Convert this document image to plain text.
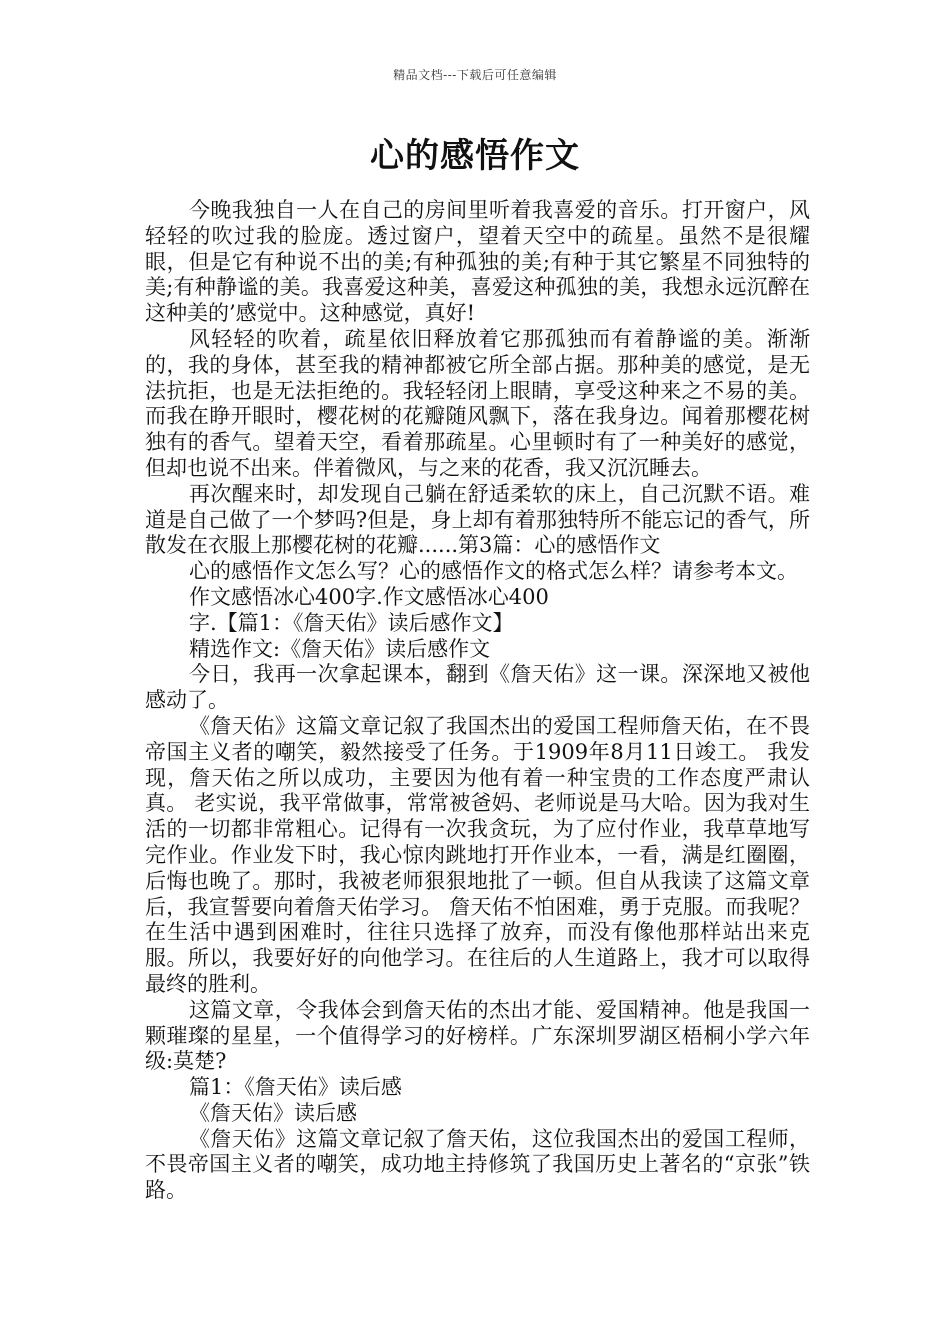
精品文档---下载后可任意编辑
心的感悟作文

今晚我独自一人在自己的房间里听着我喜爱的音乐。打开窗户，风轻轻的吹过我的脸庞。透过窗户，望着天空中的疏星。虽然不是很耀眼，但是它有种说不出的美;有种孤独的美;有种于其它繁星不同独特的美;有种静谧的美。我喜爱这种美，喜爱这种孤独的美，我想永远沉醉在这种美的’感觉中。这种感觉，真好!

风轻轻的吹着，疏星依旧释放着它那孤独而有着静谧的美。渐渐的，我的身体，甚至我的精神都被它所全部占据。那种美的感觉，是无法抗拒，也是无法拒绝的。我轻轻闭上眼睛，享受这种来之不易的美。而我在睁开眼时，樱花树的花瓣随风飘下，落在我身边。闻着那樱花树独有的香气。望着天空，看着那疏星。心里顿时有了一种美好的感觉，但却也说不出来。伴着微风，与之来的花香，我又沉沉睡去。

再次醒来时，却发现自己躺在舒适柔软的床上，自己沉默不语。难道是自己做了一个梦吗?但是，身上却有着那独特所不能忘记的香气，所散发在衣服上那樱花树的花瓣......第3篇：心的感悟作文

心的感悟作文怎么写？心的感悟作文的格式怎么样？请参考本文。

作文感悟冰心400字.作文感悟冰心400

字.【篇1：《詹天佑》读后感作文】

精选作文:《詹天佑》读后感作文

今日，我再一次拿起课本，翻到《詹天佑》这一课。深深地又被他感动了。

《詹天佑》这篇文章记叙了我国杰出的爱国工程师詹天佑，在不畏帝国主义者的嘲笑，毅然接受了任务。于1909年8月11日竣工。 我发现，詹天佑之所以成功，主要因为他有着一种宝贵的工作态度严肃认真。 老实说，我平常做事，常常被爸妈、老师说是马大哈。因为我对生活的一切都非常粗心。记得有一次我贪玩，为了应付作业，我草草地写完作业。作业发下时，我心惊肉跳地打开作业本，一看，满是红圈圈，后悔也晚了。那时，我被老师狠狠地批了一顿。但自从我读了这篇文章后，我宣誓要向着詹天佑学习。 詹天佑不怕困难，勇于克服。而我呢？在生活中遇到困难时，往往只选择了放弃，而没有像他那样站出来克服。所以，我要好好的向他学习。在往后的人生道路上，我才可以取得最终的胜利。

这篇文章，令我体会到詹天佑的杰出才能、爱国精神。他是我国一颗璀璨的星星，一个值得学习的好榜样。广东深圳罗湖区梧桐小学六年级:莫楚?

篇1：《詹天佑》读后感

《詹天佑》读后感

《詹天佑》这篇文章记叙了詹天佑，这位我国杰出的爱国工程师，不畏帝国主义者的嘲笑，成功地主持修筑了我国历史上著名的“京张”铁路。
